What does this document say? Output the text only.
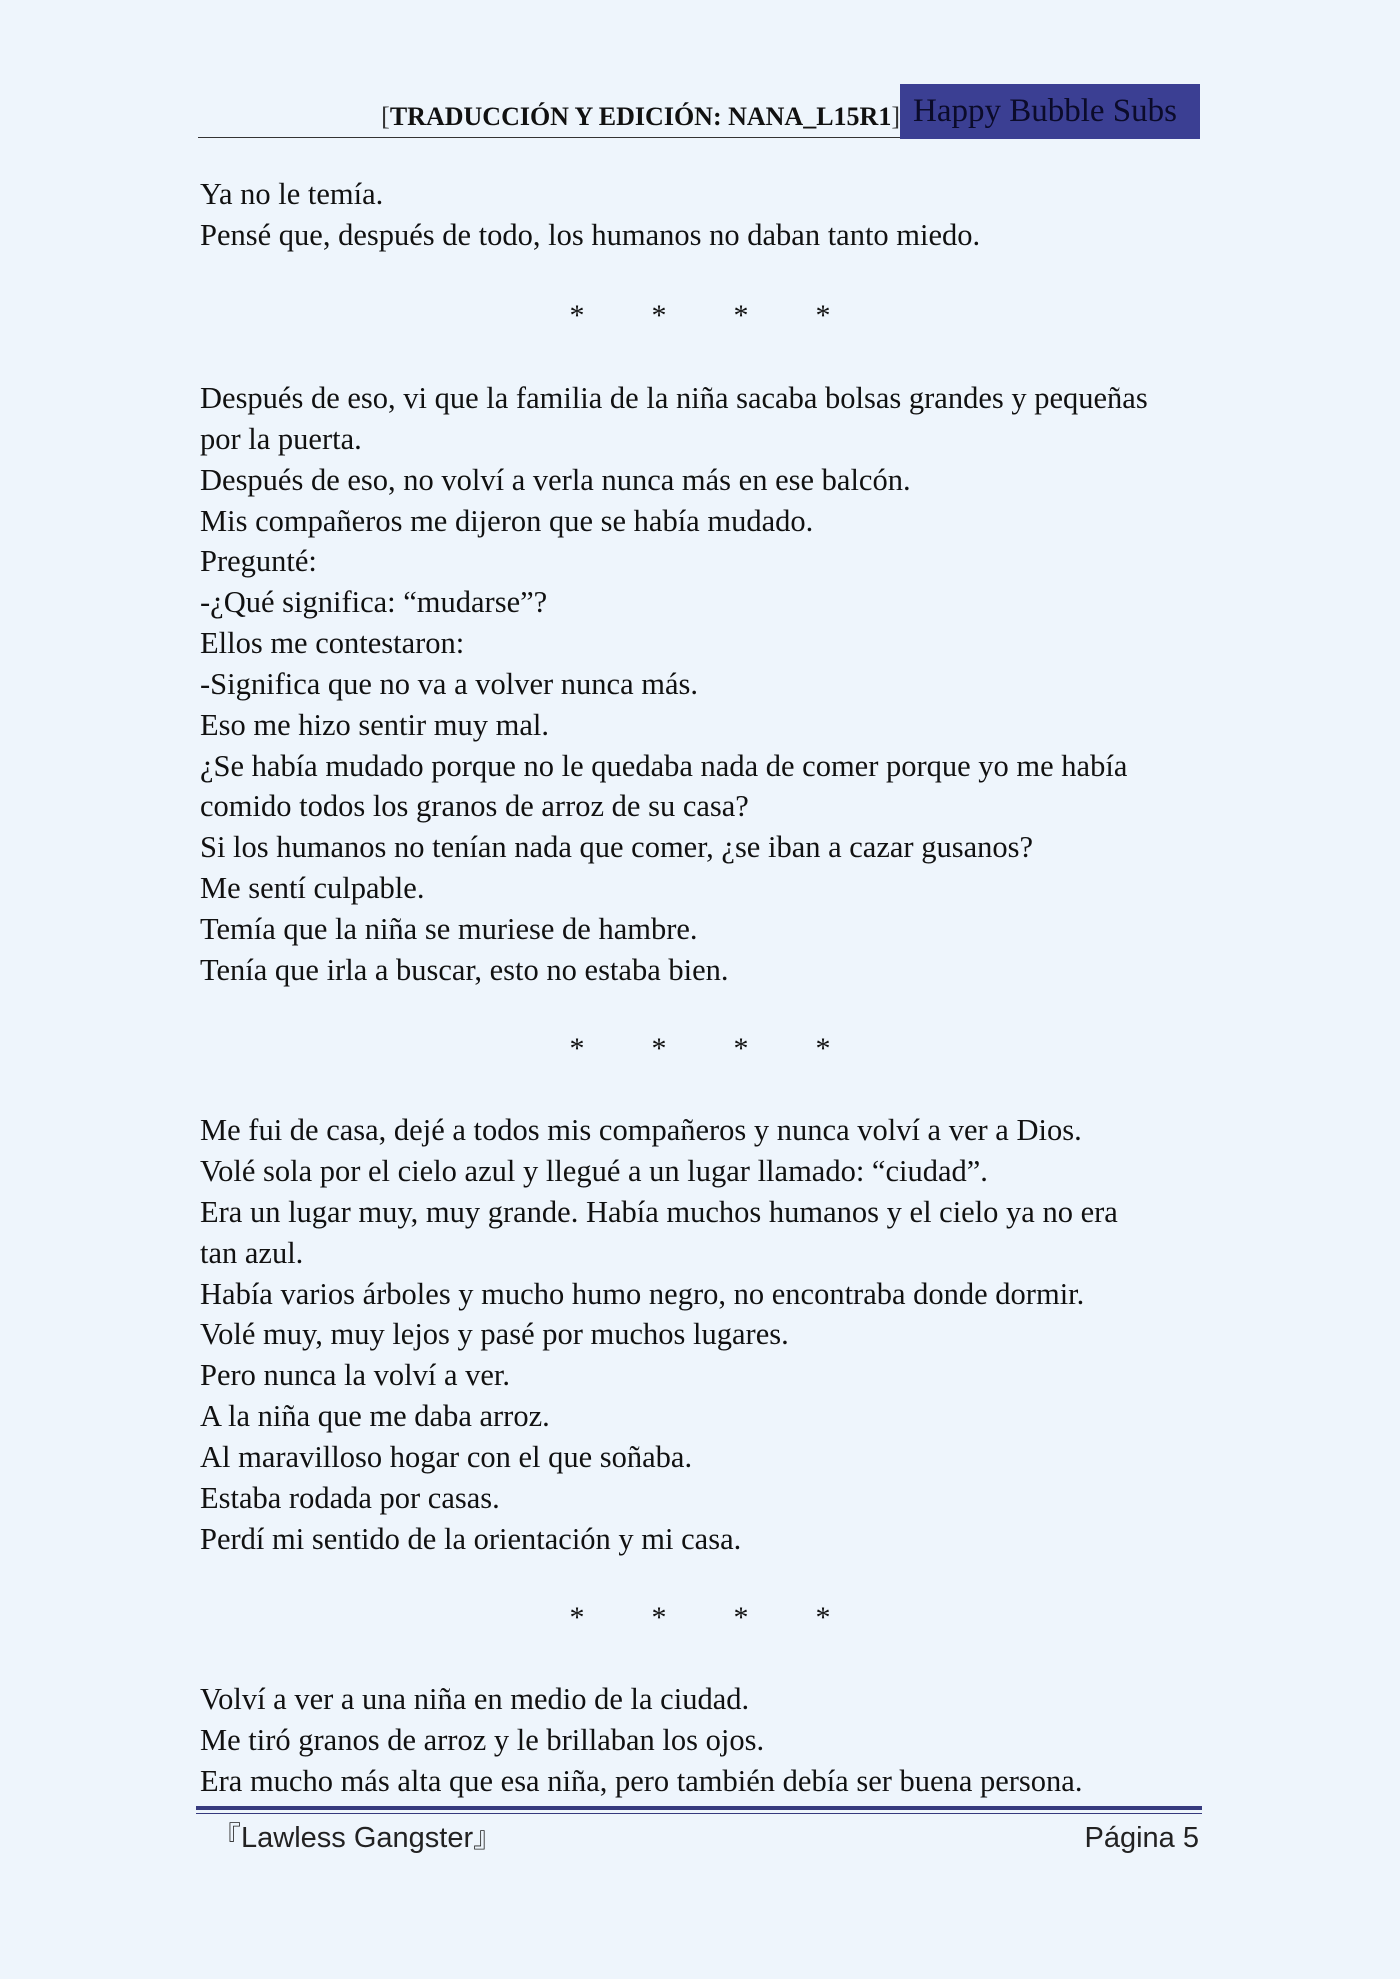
[TRADUCCIÓN Y EDICIÓN: NANA_L15R1] Happy Bubble Subs
Ya no le temía.
Pensé que, después de todo, los humanos no daban tanto miedo.
* * * *
Después de eso, vi que la familia de la niña sacaba bolsas grandes y pequeñas
por la puerta.
Después de eso, no volví a verla nunca más en ese balcón.
Mis compañeros me dijeron que se había mudado.
Pregunté:
-¿Qué significa: “mudarse”?
Ellos me contestaron:
-Significa que no va a volver nunca más.
Eso me hizo sentir muy mal.
¿Se había mudado porque no le quedaba nada de comer porque yo me había
comido todos los granos de arroz de su casa?
Si los humanos no tenían nada que comer, ¿se iban a cazar gusanos?
Me sentí culpable.
Temía que la niña se muriese de hambre.
Tenía que irla a buscar, esto no estaba bien.
* * * *
Me fui de casa, dejé a todos mis compañeros y nunca volví a ver a Dios.
Volé sola por el cielo azul y llegué a un lugar llamado: “ciudad”.
Era un lugar muy, muy grande. Había muchos humanos y el cielo ya no era
tan azul.
Había varios árboles y mucho humo negro, no encontraba donde dormir.
Volé muy, muy lejos y pasé por muchos lugares.
Pero nunca la volví a ver.
A la niña que me daba arroz.
Al maravilloso hogar con el que soñaba.
Estaba rodada por casas.
Perdí mi sentido de la orientación y mi casa.
* * * *
Volví a ver a una niña en medio de la ciudad.
Me tiró granos de arroz y le brillaban los ojos.
Era mucho más alta que esa niña, pero también debía ser buena persona.
『Lawless Gangster』	Página 5
